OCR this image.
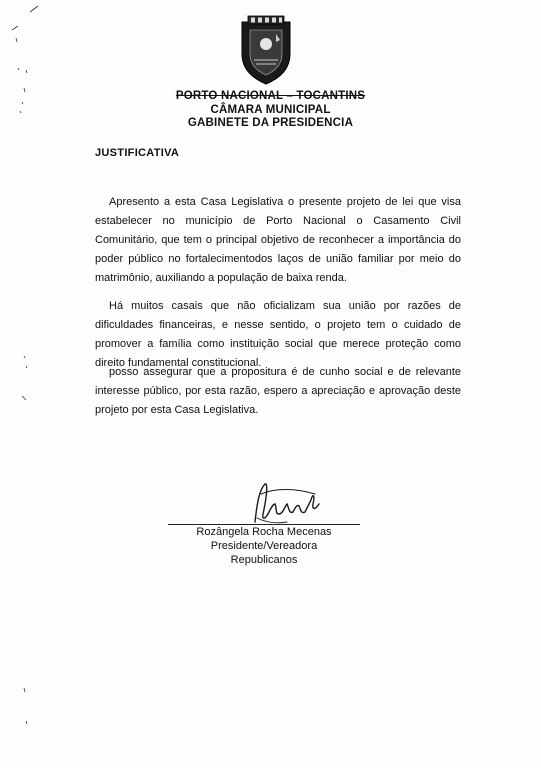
PORTO NACIONAL – TOCANTINS
CÂMARA MUNICIPAL
GABINETE DA PRESIDENCIA
JUSTIFICATIVA
Apresento a esta Casa Legislativa o presente projeto de lei que visa estabelecer no município de Porto Nacional o Casamento Civil Comunitário, que tem o principal objetivo de reconhecer a importância do poder público no fortalecimentodos laços de união familiar por meio do matrimônio, auxiliando a população de baixa renda.
Há muitos casais que não oficializam sua união por razões de dificuldades financeiras, e nesse sentido, o projeto tem o cuidado de promover a família como instituição social que merece proteção como direito fundamental constitucional.
posso assegurar que a propositura é de cunho social e de relevante interesse público, por esta razão, espero a apreciação e aprovação deste projeto por esta Casa Legislativa.
Rozângela Rocha Mecenas
Presidente/Vereadora
Republicanos
